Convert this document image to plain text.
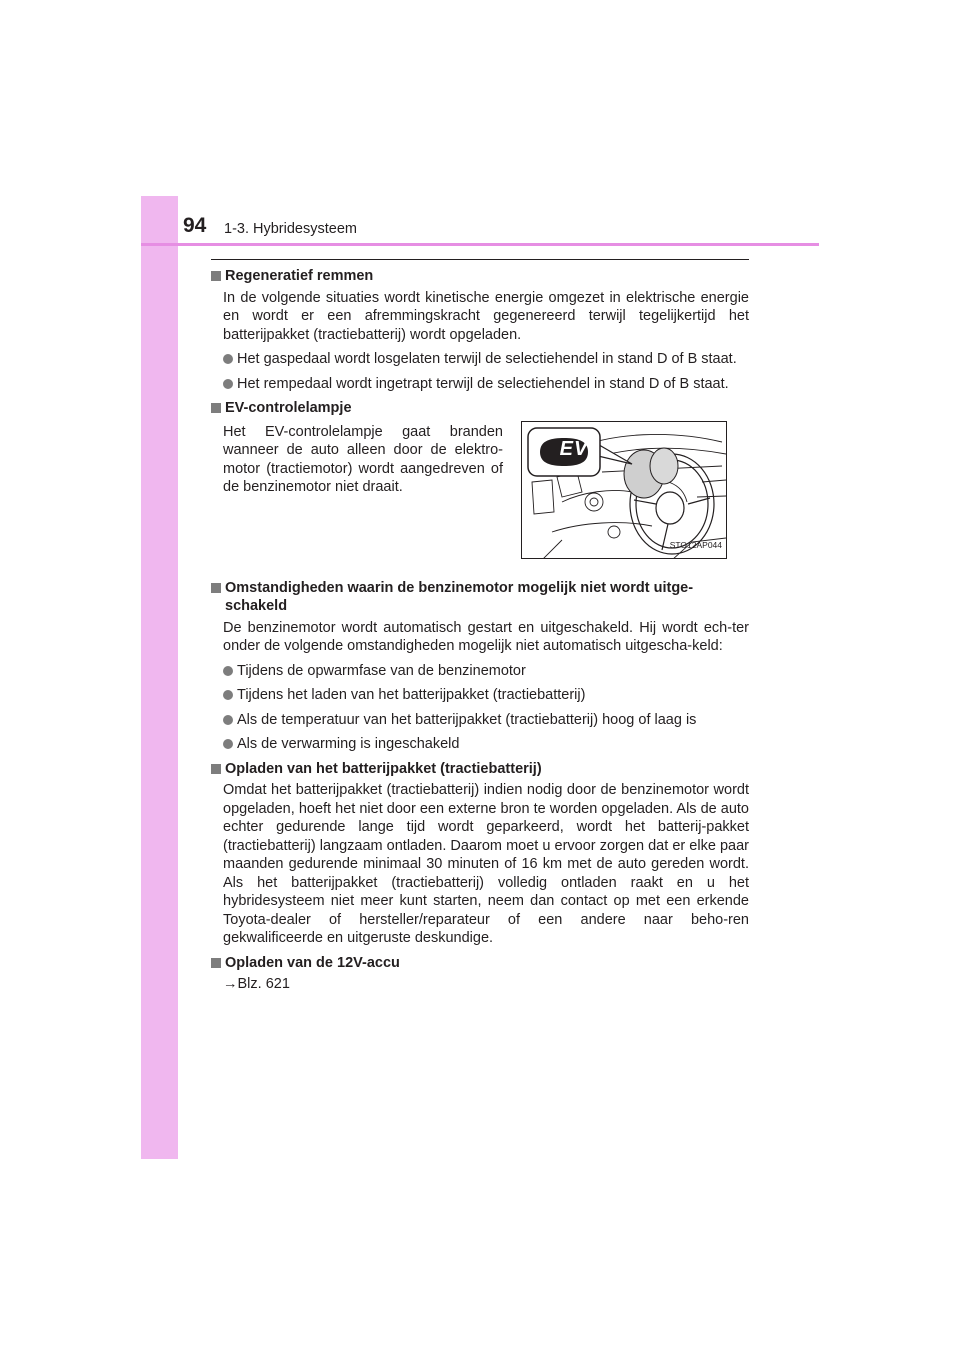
94 1-3. Hybridesysteem
Regeneratief remmen

In de volgende situaties wordt kinetische energie omgezet in elektrische energie en wordt er een afremmingskracht gegenereerd terwijl tegelijkertijd het batterijpakket (tractiebatterij) wordt opgeladen.

Het gaspedaal wordt losgelaten terwijl de selectiehendel in stand D of B staat.
Het rempedaal wordt ingetrapt terwijl de selectiehendel in stand D of B staat.
EV-controlelampje

Het EV-controlelampje gaat branden wanneer de auto alleen door de elektro-motor (tractiemotor) wordt aangedreven of de benzinemotor niet draait.

EV
STO12AP044
Omstandigheden waarin de benzinemotor mogelijk niet wordt uitge-schakeld

De benzinemotor wordt automatisch gestart en uitgeschakeld. Hij wordt ech-ter onder de volgende omstandigheden mogelijk niet automatisch uitgescha-keld:

Tijdens de opwarmfase van de benzinemotor
Tijdens het laden van het batterijpakket (tractiebatterij)
Als de temperatuur van het batterijpakket (tractiebatterij) hoog of laag is
Als de verwarming is ingeschakeld
Opladen van het batterijpakket (tractiebatterij)

Omdat het batterijpakket (tractiebatterij) indien nodig door de benzinemotor wordt opgeladen, hoeft het niet door een externe bron te worden opgeladen. Als de auto echter gedurende lange tijd wordt geparkeerd, wordt het batterij-pakket (tractiebatterij) langzaam ontladen. Daarom moet u ervoor zorgen dat er elke paar maanden gedurende minimaal 30 minuten of 16 km met de auto gereden wordt. Als het batterijpakket (tractiebatterij) volledig ontladen raakt en u het hybridesysteem niet meer kunt starten, neem dan contact op met een erkende Toyota-dealer of hersteller/reparateur of een andere naar beho-ren gekwalificeerde en uitgeruste deskundige.

Opladen van de 12V-accu

→Blz. 621
